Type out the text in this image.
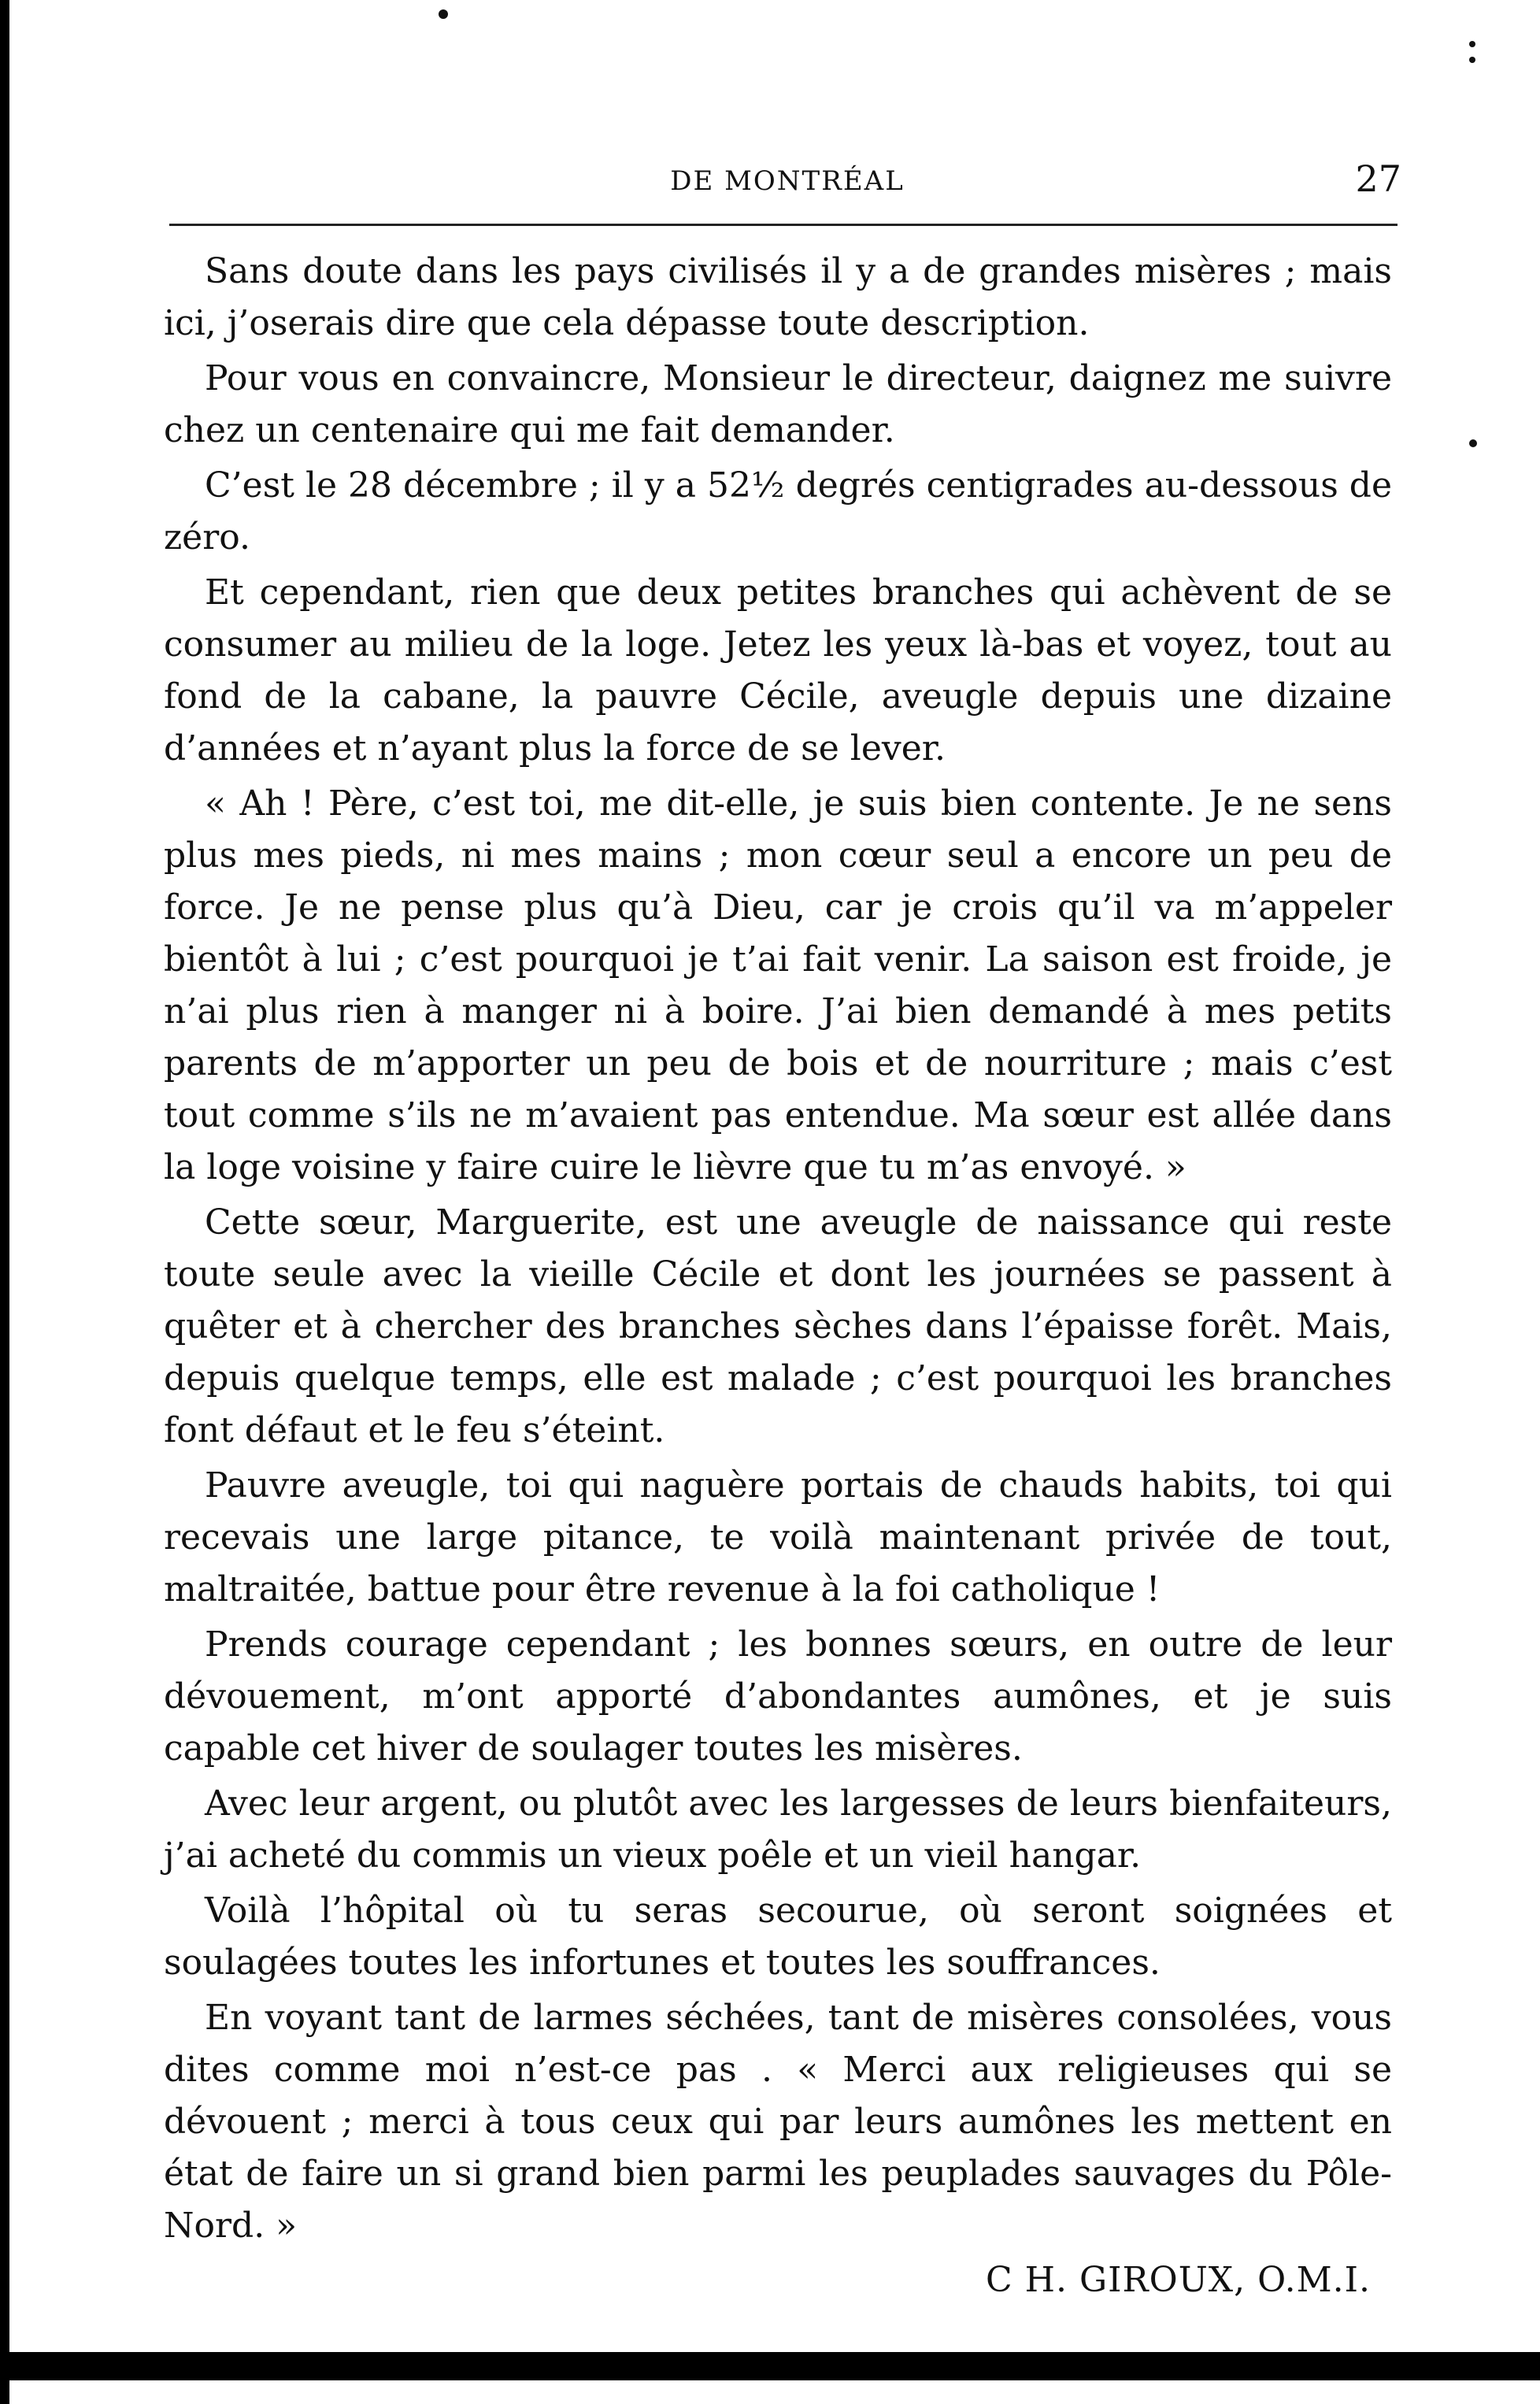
DE MONTRÉAL	27

Sans doute dans les pays civilisés il y a de grandes misères ; mais ici, j’oserais dire que cela dépasse toute description.

Pour vous en convaincre, Monsieur le directeur, daignez me suivre chez un centenaire qui me fait demander.

C’est le 28 décembre ; il y a 52½ degrés centigrades au-dessous de zéro.

Et cependant, rien que deux petites branches qui achèvent de se consumer au milieu de la loge. Jetez les yeux là-bas et voyez, tout au fond de la cabane, la pauvre Cécile, aveugle depuis une dizaine d’années et n’ayant plus la force de se lever.

« Ah ! Père, c’est toi, me dit-elle, je suis bien contente. Je ne sens plus mes pieds, ni mes mains ; mon cœur seul a encore un peu de force. Je ne pense plus qu’à Dieu, car je crois qu’il va m’appeler bientôt à lui ; c’est pourquoi je t’ai fait venir. La saison est froide, je n’ai plus rien à manger ni à boire. J’ai bien demandé à mes petits parents de m’apporter un peu de bois et de nourriture ; mais c’est tout comme s’ils ne m’avaient pas entendue. Ma sœur est allée dans la loge voisine y faire cuire le lièvre que tu m’as envoyé. »

Cette sœur, Marguerite, est une aveugle de naissance qui reste toute seule avec la vieille Cécile et dont les journées se passent à quêter et à chercher des branches sèches dans l’épaisse forêt. Mais, depuis quelque temps, elle est malade ; c’est pourquoi les branches font défaut et le feu s’éteint.

Pauvre aveugle, toi qui naguère portais de chauds habits, toi qui recevais une large pitance, te voilà maintenant privée de tout, maltraitée, battue pour être revenue à la foi catholique !

Prends courage cependant ; les bonnes sœurs, en outre de leur dévouement, m’ont apporté d’abondantes aumônes, et je suis capable cet hiver de soulager toutes les misères.

Avec leur argent, ou plutôt avec les largesses de leurs bienfaiteurs, j’ai acheté du commis un vieux poêle et un vieil hangar.

Voilà l’hôpital où tu seras secourue, où seront soignées et soulagées toutes les infortunes et toutes les souffrances.

En voyant tant de larmes séchées, tant de misères consolées, vous dites comme moi n’est-ce pas . « Merci aux religieuses qui se dévouent ; merci à tous ceux qui par leurs aumônes les mettent en état de faire un si grand bien parmi les peuplades sauvages du Pôle-Nord. »

C H. GIROUX, O.M.I.
